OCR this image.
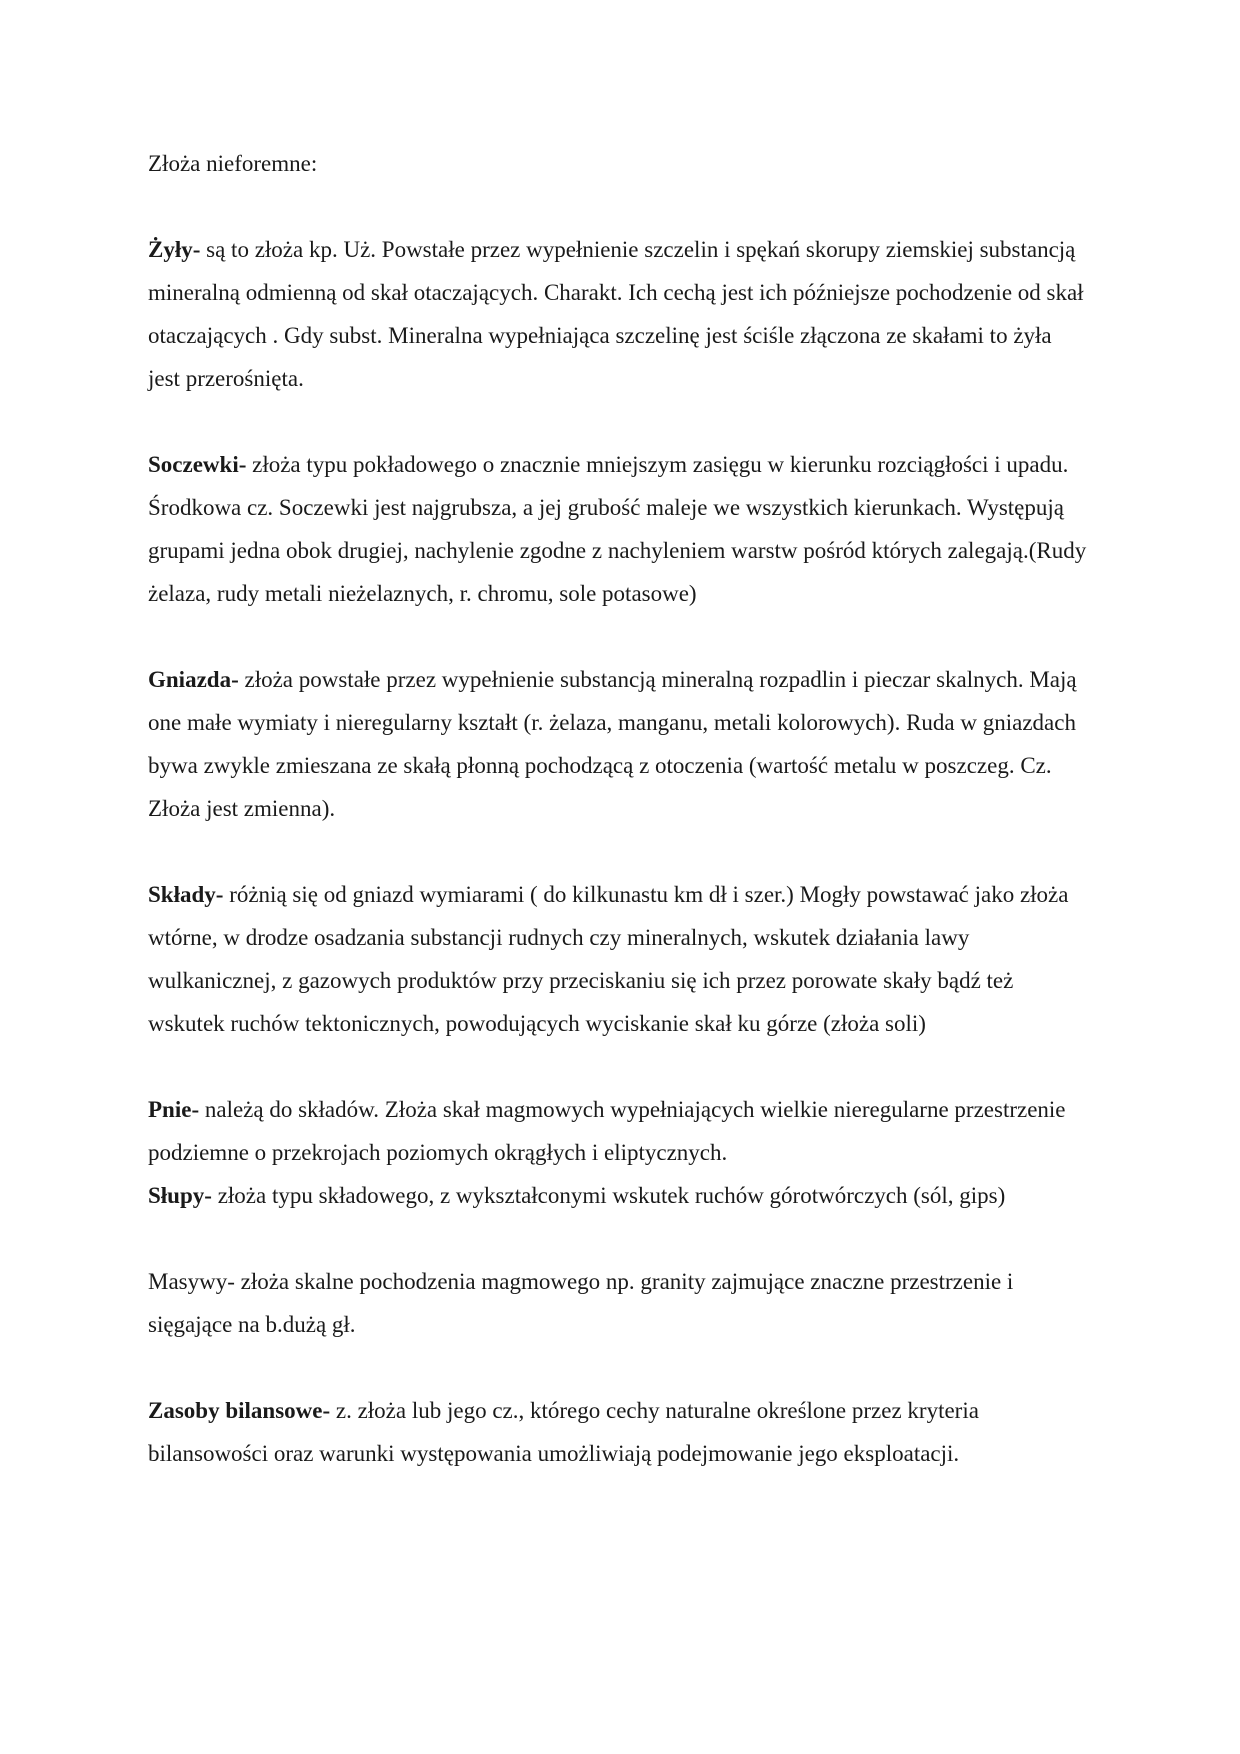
Złoża nieforemne:

Żyły- są to złoża kp. Uż. Powstałe przez wypełnienie szczelin i spękań skorupy ziemskiej substancją mineralną odmienną od skał otaczających. Charakt. Ich cechą jest ich późniejsze pochodzenie od skał otaczających . Gdy subst. Mineralna wypełniająca szczelinę jest ściśle złączona ze skałami to żyła jest przerośnięta.

Soczewki- złoża typu pokładowego o znacznie mniejszym zasięgu w kierunku rozciągłości i upadu. Środkowa cz. Soczewki jest najgrubsza, a jej grubość maleje we wszystkich kierunkach. Występują grupami jedna obok drugiej, nachylenie zgodne z nachyleniem warstw pośród których zalegają.(Rudy żelaza, rudy metali nieżelaznych, r. chromu, sole potasowe)

Gniazda- złoża powstałe przez wypełnienie substancją mineralną rozpadlin i pieczar skalnych. Mają one małe wymiaty i nieregularny kształt (r. żelaza, manganu, metali kolorowych). Ruda w gniazdach bywa zwykle zmieszana ze skałą płonną pochodzącą z otoczenia (wartość metalu w poszczeg. Cz. Złoża jest zmienna).

Składy- różnią się od gniazd wymiarami ( do kilkunastu km dł i szer.) Mogły powstawać jako złoża wtórne, w drodze osadzania substancji rudnych czy mineralnych, wskutek działania lawy wulkanicznej, z gazowych produktów przy przeciskaniu się ich przez porowate skały bądź też wskutek ruchów tektonicznych, powodujących wyciskanie skał ku górze (złoża soli)

Pnie- należą do składów. Złoża skał magmowych wypełniających wielkie nieregularne przestrzenie podziemne o przekrojach poziomych okrągłych i eliptycznych.

Słupy- złoża typu składowego, z wykształconymi wskutek ruchów górotwórczych (sól, gips)

Masywy- złoża skalne pochodzenia magmowego np. granity zajmujące znaczne przestrzenie i sięgające na b.dużą gł.

Zasoby bilansowe- z. złoża lub jego cz., którego cechy naturalne określone przez kryteria bilansowości oraz warunki występowania umożliwiają podejmowanie jego eksploatacji.
